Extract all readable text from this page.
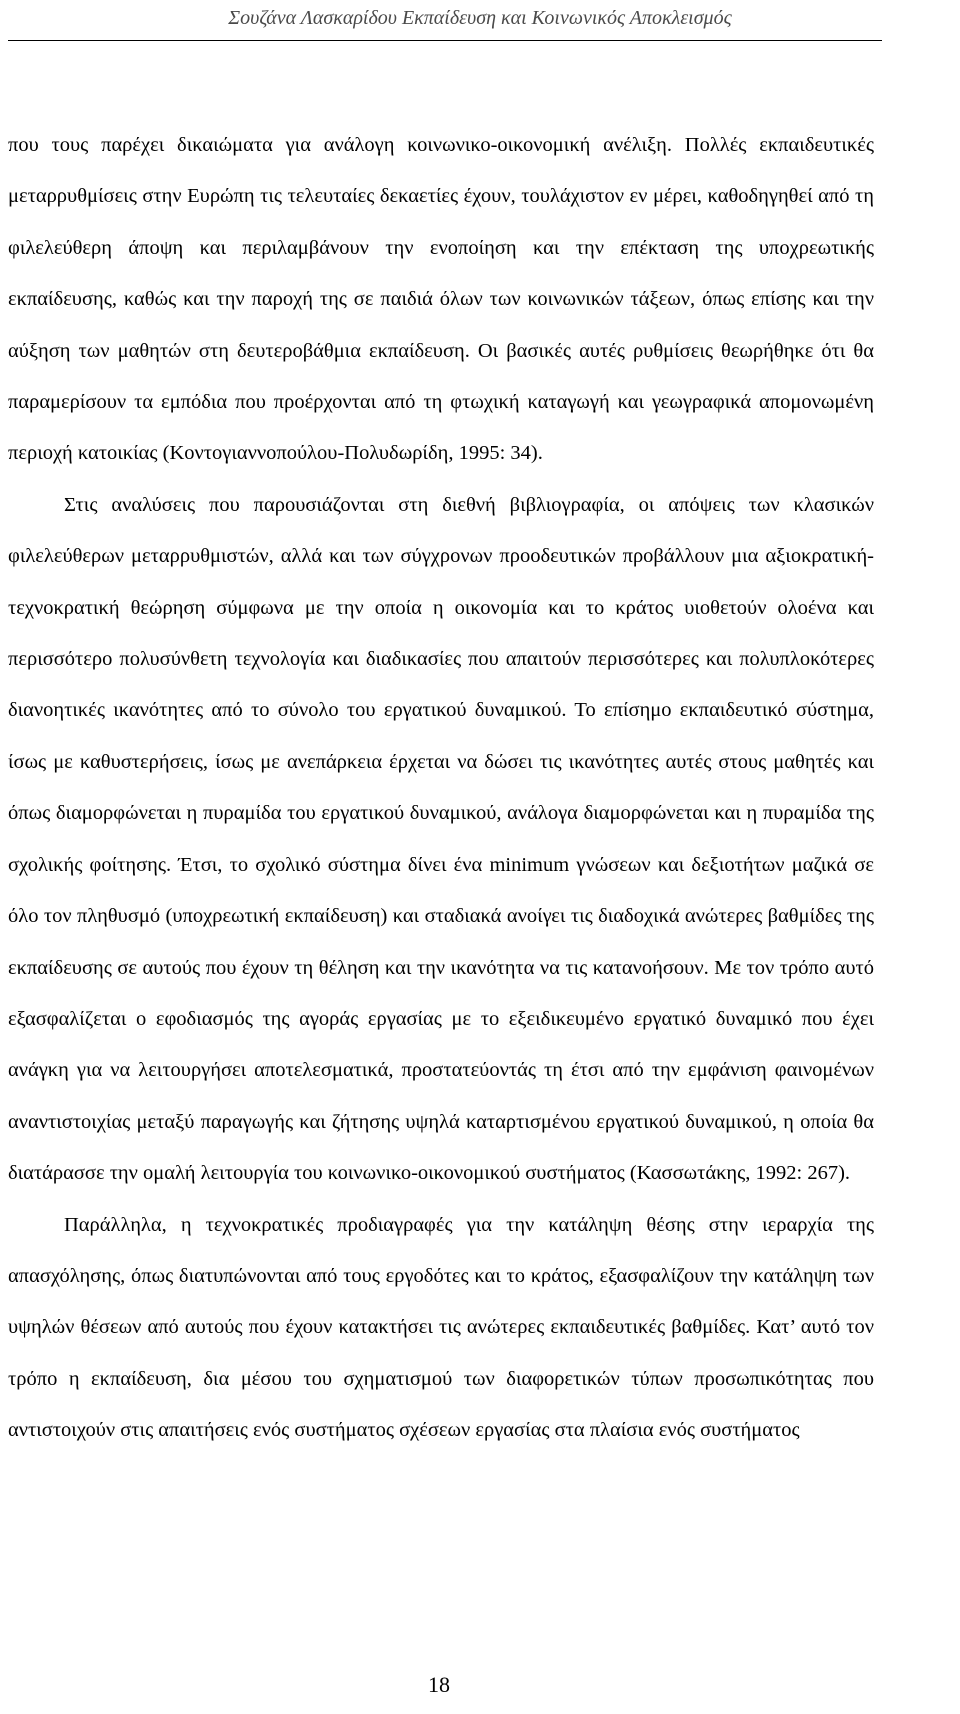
Σουζάνα Λασκαρίδου Εκπαίδευση και Κοινωνικός Αποκλεισμός

που τους παρέχει δικαιώματα για ανάλογη κοινωνικο-οικονομική ανέλιξη. Πολλές εκπαιδευτικές μεταρρυθμίσεις στην Ευρώπη τις τελευταίες δεκαετίες έχουν, τουλάχιστον εν μέρει, καθοδηγηθεί από τη φιλελεύθερη άποψη και περιλαμβάνουν την ενοποίηση και την επέκταση της υποχρεωτικής εκπαίδευσης, καθώς και την παροχή της σε παιδιά όλων των κοινωνικών τάξεων, όπως επίσης και την αύξηση των μαθητών στη δευτεροβάθμια εκπαίδευση. Οι βασικές αυτές ρυθμίσεις θεωρήθηκε ότι θα παραμερίσουν τα εμπόδια που προέρχονται από τη φτωχική καταγωγή και γεωγραφικά απομονωμένη περιοχή κατοικίας (Κοντογιαννοπούλου-Πολυδωρίδη, 1995: 34).

Στις αναλύσεις που παρουσιάζονται στη διεθνή βιβλιογραφία, οι απόψεις των κλασικών φιλελεύθερων μεταρρυθμιστών, αλλά και των σύγχρονων προοδευτικών προβάλλουν μια αξιοκρατική-τεχνοκρατική θεώρηση σύμφωνα με την οποία η οικονομία και το κράτος υιοθετούν ολοένα και περισσότερο πολυσύνθετη τεχνολογία και διαδικασίες που απαιτούν περισσότερες και πολυπλοκότερες διανοητικές ικανότητες από το σύνολο του εργατικού δυναμικού. Το επίσημο εκπαιδευτικό σύστημα, ίσως με καθυστερήσεις, ίσως με ανεπάρκεια έρχεται να δώσει τις ικανότητες αυτές στους μαθητές και όπως διαμορφώνεται η πυραμίδα του εργατικού δυναμικού, ανάλογα διαμορφώνεται και η πυραμίδα της σχολικής φοίτησης. Έτσι, το σχολικό σύστημα δίνει ένα minimum γνώσεων και δεξιοτήτων μαζικά σε όλο τον πληθυσμό (υποχρεωτική εκπαίδευση) και σταδιακά ανοίγει τις διαδοχικά ανώτερες βαθμίδες της εκπαίδευσης σε αυτούς που έχουν τη θέληση και την ικανότητα να τις κατανοήσουν. Με τον τρόπο αυτό εξασφαλίζεται ο εφοδιασμός της αγοράς εργασίας με το εξειδικευμένο εργατικό δυναμικό που έχει ανάγκη για να λειτουργήσει αποτελεσματικά, προστατεύοντάς τη έτσι από την εμφάνιση φαινομένων αναντιστοιχίας μεταξύ παραγωγής και ζήτησης υψηλά καταρτισμένου εργατικού δυναμικού, η οποία θα διατάρασσε την ομαλή λειτουργία του κοινωνικο-οικονομικού συστήματος (Κασσωτάκης, 1992: 267).

Παράλληλα, η τεχνοκρατικές προδιαγραφές για την κατάληψη θέσης στην ιεραρχία της απασχόλησης, όπως διατυπώνονται από τους εργοδότες και το κράτος, εξασφαλίζουν την κατάληψη των υψηλών θέσεων από αυτούς που έχουν κατακτήσει τις ανώτερες εκπαιδευτικές βαθμίδες. Κατ’ αυτό τον τρόπο η εκπαίδευση, δια μέσου του σχηματισμού των διαφορετικών τύπων προσωπικότητας που αντιστοιχούν στις απαιτήσεις ενός συστήματος σχέσεων εργασίας στα πλαίσια ενός συστήματος

18
